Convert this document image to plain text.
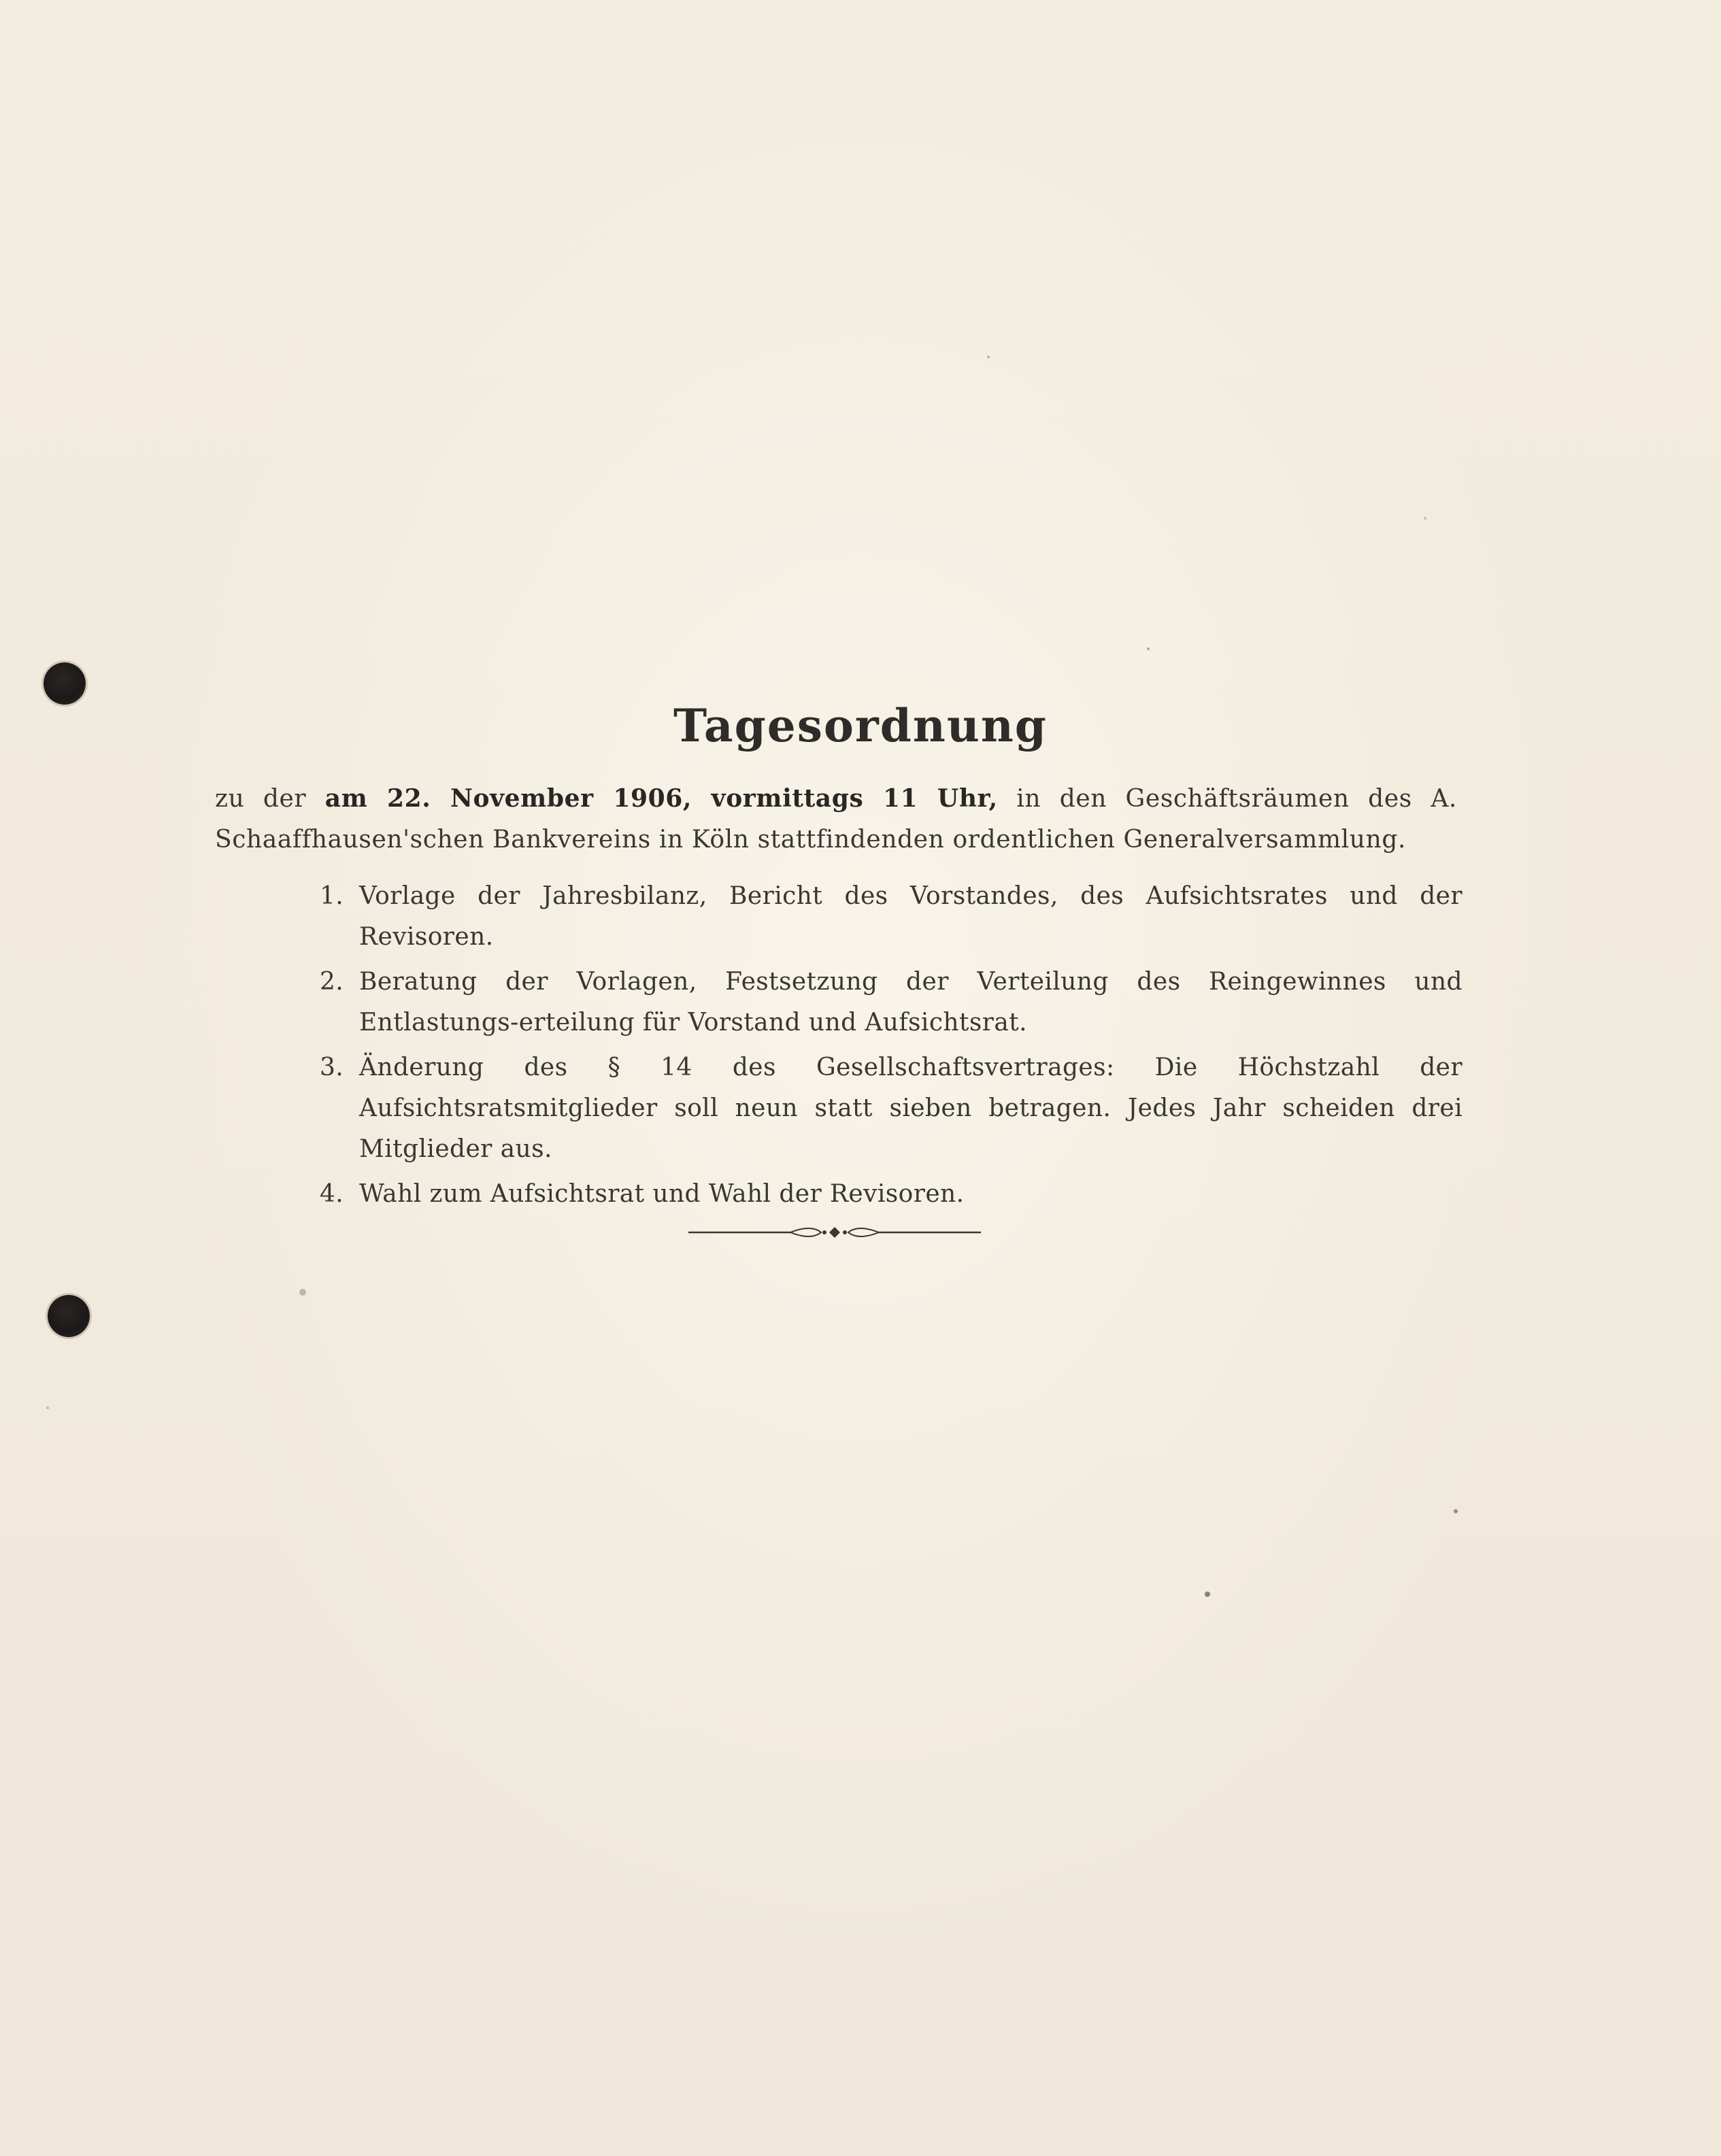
Tagesordnung

zu der am 22. November 1906, vormittags 11 Uhr, in den Geschäftsräumen des A. Schaaffhausen'schen Bankvereins in Köln stattfindenden ordentlichen Generalversammlung.

1. Vorlage der Jahresbilanz, Bericht des Vorstandes, des Aufsichtsrates und der Revisoren.
2. Beratung der Vorlagen, Festsetzung der Verteilung des Reingewinnes und Entlastungs-erteilung für Vorstand und Aufsichtsrat.
3. Änderung des § 14 des Gesellschaftsvertrages: Die Höchstzahl der Aufsichtsratsmitglieder soll neun statt sieben betragen. Jedes Jahr scheiden drei Mitglieder aus.
4. Wahl zum Aufsichtsrat und Wahl der Revisoren.
